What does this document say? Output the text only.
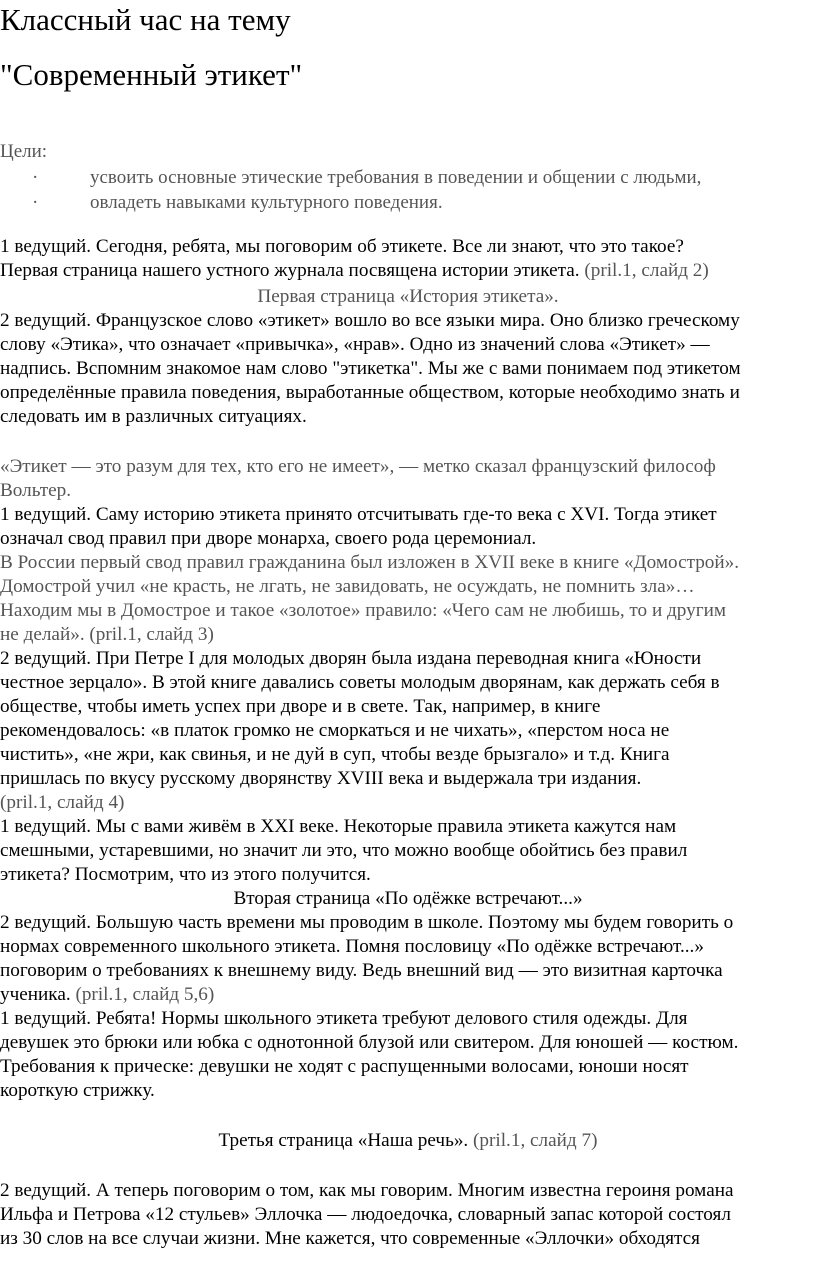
Классный час на тему
"Современный этикет"
Цели:
·	усвоить основные этические требования в поведении и общении с людьми,
·	овладеть навыками культурного поведения.
1 ведущий. Сегодня, ребята, мы поговорим об этикете. Все ли знают, что это такое?
Первая страница нашего устного журнала посвящена истории этикета. (pril.1, слайд 2)
Первая страница «История этикета».
2 ведущий. Французское слово «этикет» вошло во все языки мира. Оно близко греческому
слову «Этика», что означает «привычка», «нрав». Одно из значений слова «Этикет» —
надпись. Вспомним знакомое нам слово "этикетка". Мы же с вами понимаем под этикетом
определённые правила поведения, выработанные обществом, которые необходимо знать и
следовать им в различных ситуациях.
«Этикет — это разум для тех, кто его не имеет», — метко сказал французский философ
Вольтер.
1 ведущий. Саму историю этикета принято отсчитывать где-то века с XVI. Тогда этикет
означал свод правил при дворе монарха, своего рода церемониал.
В России первый свод правил гражданина был изложен в XVII веке в книге «Домострой».
Домострой учил «не красть, не лгать, не завидовать, не осуждать, не помнить зла»…
Находим мы в Домострое и такое «золотое» правило: «Чего сам не любишь, то и другим
не делай». (pril.1, слайд 3)
2 ведущий. При Петре I для молодых дворян была издана переводная книга «Юности
честное зерцало». В этой книге давались советы молодым дворянам, как держать себя в
обществе, чтобы иметь успех при дворе и в свете. Так, например, в книге
рекомендовалось: «в платок громко не сморкаться и не чихать», «перстом носа не
чистить», «не жри, как свинья, и не дуй в суп, чтобы везде брызгало» и т.д. Книга
пришлась по вкусу русскому дворянству XVIII века и выдержала три издания.
(pril.1, слайд 4)
1 ведущий. Мы с вами живём в XXI веке. Некоторые правила этикета кажутся нам
смешными, устаревшими, но значит ли это, что можно вообще обойтись без правил
этикета? Посмотрим, что из этого получится.
Вторая страница «По одёжке встречают...»
2 ведущий. Большую часть времени мы проводим в школе. Поэтому мы будем говорить о
нормах современного школьного этикета. Помня пословицу «По одёжке встречают...»
поговорим о требованиях к внешнему виду. Ведь внешний вид — это визитная карточка
ученика. (pril.1, слайд 5,6)
1 ведущий. Ребята! Нормы школьного этикета требуют делового стиля одежды. Для
девушек это брюки или юбка с однотонной блузой или свитером. Для юношей — костюм.
Требования к прическе: девушки не ходят с распущенными волосами, юноши носят
короткую стрижку.
Третья страница «Наша речь». (pril.1, слайд 7)
2 ведущий. А теперь поговорим о том, как мы говорим. Многим известна героиня романа
Ильфа и Петрова «12 стульев» Эллочка — людоедочка, словарный запас которой состоял
из 30 слов на все случаи жизни. Мне кажется, что современные «Эллочки» обходятся
